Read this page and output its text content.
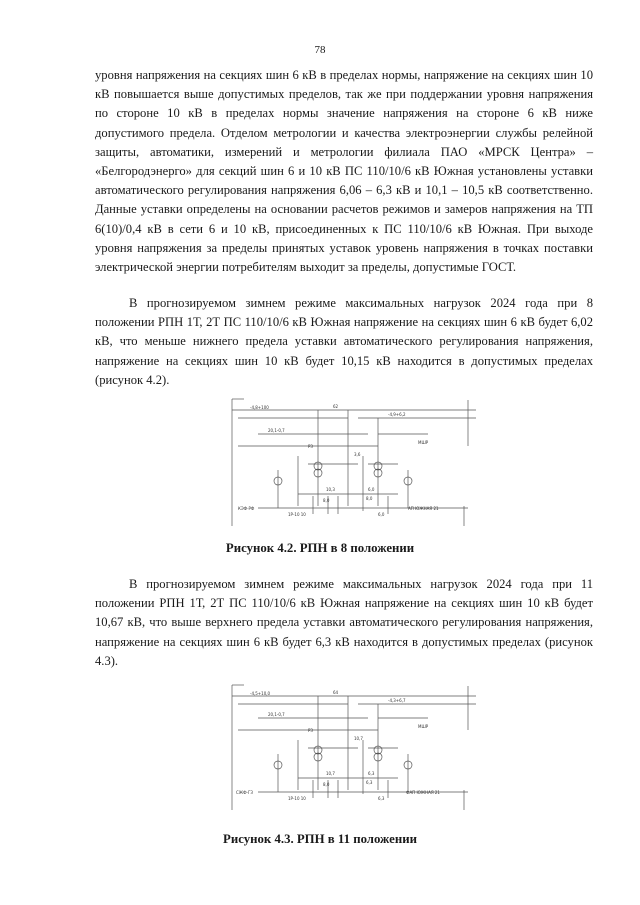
78

уровня напряжения на секциях шин 6 кВ в пределах нормы, напряжение на секциях шин 10 кВ повышается выше допустимых пределов, так же при поддержании уровня напряжения по стороне 10 кВ в пределах нормы значение напряжения на стороне 6 кВ ниже допустимого предела. Отделом метрологии и качества электроэнергии службы релейной защиты, автоматики, измерений и метрологии филиала ПАО «МРСК Центра» – «Белгородэнерго» для секций шин 6 и 10 кВ ПС 110/10/6 кВ Южная установлены уставки автоматического регулирования напряжения 6,06 – 6,3 кВ и 10,1 – 10,5 кВ соответственно. Данные уставки определены на основании расчетов режимов и замеров напряжения на ТП 6(10)/0,4 кВ в сети 6 и 10 кВ, присоединенных к ПС 110/10/6 кВ Южная. При выходе уровня напряжения за пределы принятых уставок уровень напряжения в точках поставки электрической энергии потребителям выходит за пределы, допустимые ГОСТ.

В прогнозируемом зимнем режиме максимальных нагрузок 2024 года при 8 положении РПН 1Т, 2Т ПС 110/10/6 кВ Южная напряжение на секциях шин 6 кВ будет 6,02 кВ, что меньше нижнего предела уставки автоматического регулирования напряжения, напряжение на секциях шин 10 кВ будет 10,15 кВ находится в допустимых пределах (рисунок 4.2).

-4,8+100	62
-4,9+6,2
20,1-0,7
МШР
РЗ
3,6
10,3	6,0
8,0	8,0
КЭФ-РФ	АП ЮЖНАЯ 21
1Р-10 10	6,0
Рисунок 4.2. РПН в 8 положении

В прогнозируемом зимнем режиме максимальных нагрузок 2024 года при 11 положении РПН 1Т, 2Т ПС 110/10/6 кВ Южная напряжение на секциях шин 10 кВ будет 10,67 кВ, что выше верхнего предела уставки автоматического регулирования напряжения, напряжение на секциях шин 6 кВ будет 6,3 кВ находится в допустимых пределах (рисунок 4.3).

-4,5+10,0	64
-4,3+6,7
20,1-0,7
МШР
РЗ
10,7
10,7	6,3
8,0	6,3
СЖФ-ГЗ	ФАП ЮЖНАЯ 21
1Р-10 10	6,3
Рисунок 4.3. РПН в 11 положении
